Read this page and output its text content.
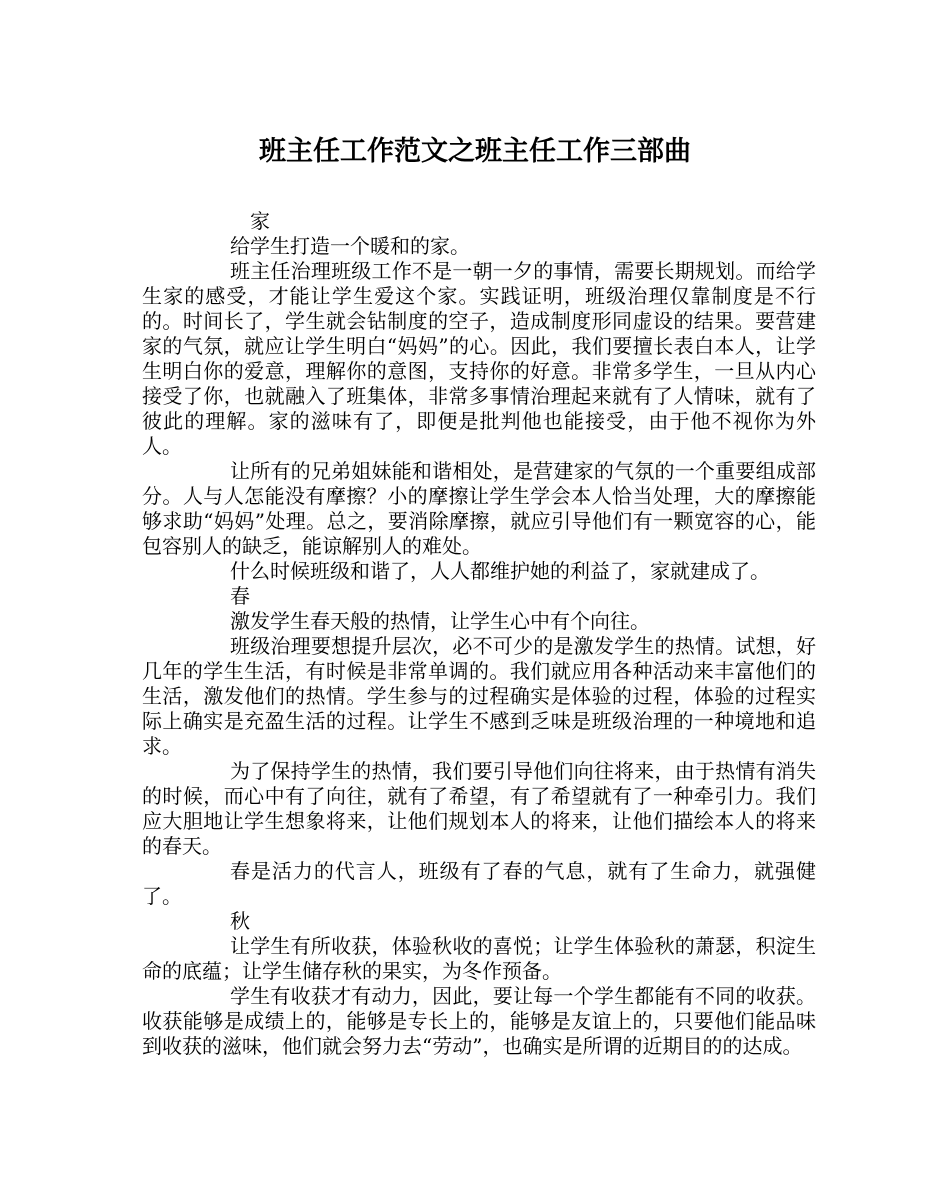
班主任工作范文之班主任工作三部曲

家

给学生打造一个暖和的家。

班主任治理班级工作不是一朝一夕的事情，需要长期规划。而给学生家的感受，才能让学生爱这个家。实践证明，班级治理仅靠制度是不行的。时间长了，学生就会钻制度的空子，造成制度形同虚设的结果。要营建家的气氛，就应让学生明白“妈妈”的心。因此，我们要擅长表白本人，让学生明白你的爱意，理解你的意图，支持你的好意。非常多学生，一旦从内心接受了你，也就融入了班集体，非常多事情治理起来就有了人情味，就有了彼此的理解。家的滋味有了，即便是批判他也能接受，由于他不视你为外人。

让所有的兄弟姐妹能和谐相处，是营建家的气氛的一个重要组成部分。人与人怎能没有摩擦？小的摩擦让学生学会本人恰当处理，大的摩擦能够求助“妈妈”处理。总之，要消除摩擦，就应引导他们有一颗宽容的心，能包容别人的缺乏，能谅解别人的难处。

什么时候班级和谐了，人人都维护她的利益了，家就建成了。

春

激发学生春天般的热情，让学生心中有个向往。

班级治理要想提升层次，必不可少的是激发学生的热情。试想，好几年的学生生活，有时候是非常单调的。我们就应用各种活动来丰富他们的生活，激发他们的热情。学生参与的过程确实是体验的过程，体验的过程实际上确实是充盈生活的过程。让学生不感到乏味是班级治理的一种境地和追求。

为了保持学生的热情，我们要引导他们向往将来，由于热情有消失的时候，而心中有了向往，就有了希望，有了希望就有了一种牵引力。我们应大胆地让学生想象将来，让他们规划本人的将来，让他们描绘本人的将来的春天。

春是活力的代言人，班级有了春的气息，就有了生命力，就强健了。

秋

让学生有所收获，体验秋收的喜悦；让学生体验秋的萧瑟，积淀生命的底蕴；让学生储存秋的果实，为冬作预备。

学生有收获才有动力，因此，要让每一个学生都能有不同的收获。收获能够是成绩上的，能够是专长上的，能够是友谊上的，只要他们能品味到收获的滋味，他们就会努力去“劳动”，也确实是所谓的近期目的的达成。
